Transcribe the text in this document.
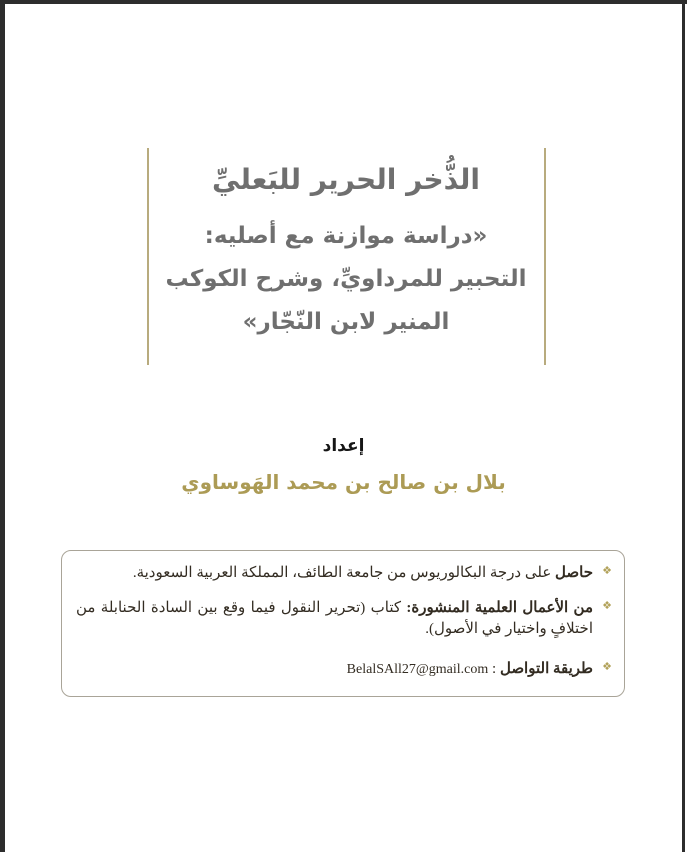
الذُّخر الحرير للبَعليِّ
«دراسة موازنة مع أصليه:
التحبير للمرداويِّ، وشرح الكوكب
المنير لابن النّجّار»
إعداد
بلال بن صالح بن محمد الهَوساوي
❖
حاصل على درجة البكالوريوس من جامعة الطائف، المملكة العربية السعودية.
❖
من الأعمال العلمية المنشورة: كتاب (تحرير النقول فيما وقع بين السادة الحنابلة من اختلافٍ واختيار في الأصول).
❖
طريقة التواصل : BelalSAll27@gmail.com
